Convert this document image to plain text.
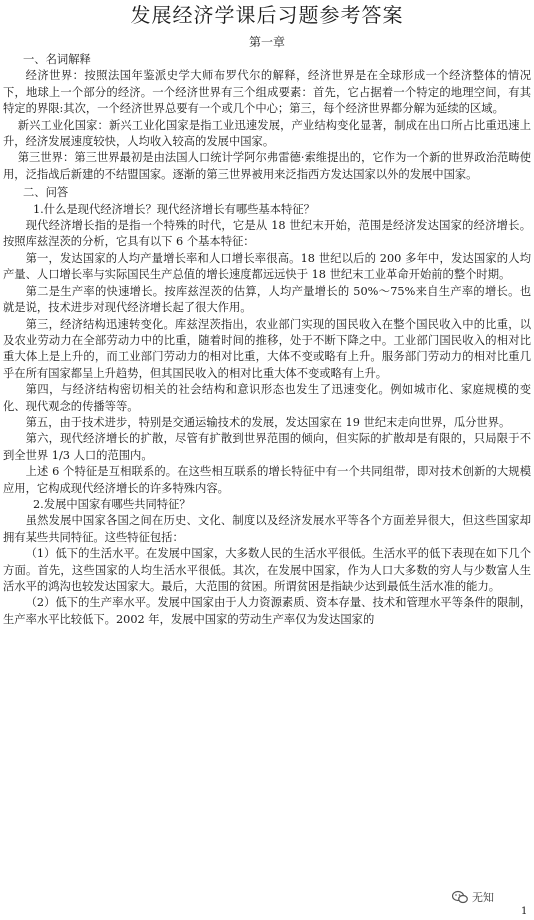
发展经济学课后习题参考答案
第一章

一、名词解释

经济世界：按照法国年鉴派史学大师布罗代尔的解释，经济世界是在全球形成一个经济整体的情况下，地球上一个部分的经济。一个经济世界有三个组成要素：首先，它占据着一个特定的地理空间，有其特定的界限:其次，一个经济世界总要有一个或几个中心；第三，每个经济世界都分解为延续的区域。

新兴工业化国家：新兴工业化国家是指工业迅速发展，产业结构变化显著，制成在出口所占比重迅速上升，经济发展速度较快，人均收入较高的发展中国家。

第三世界：第三世界最初是由法国人口统计学阿尔弗雷德·索维提出的，它作为一个新的世界政治范畴使用，泛指战后新建的不结盟国家。逐渐的第三世界被用来泛指西方发达国家以外的发展中国家。

二、问答

1.什么是现代经济增长？现代经济增长有哪些基本特征？

现代经济增长指的是指一个特殊的时代，它是从 18 世纪末开始，范围是经济发达国家的经济增长。按照库兹涅茨的分析，它具有以下 6 个基本特征：

第一，发达国家的人均产量增长率和人口增长率很高。18 世纪以后的 200 多年中，发达国家的人均产量、人口增长率与实际国民生产总值的增长速度都远远快于 18 世纪末工业革命开始前的整个时期。

第二是生产率的快速增长。按库兹涅茨的估算，人均产量增长的 50%～75%来自生产率的增长。也就是说，技术进步对现代经济增长起了很大作用。

第三，经济结构迅速转变化。库兹涅茨指出，农业部门实现的国民收入在整个国民收入中的比重，以及农业劳动力在全部劳动力中的比重，随着时间的推移，处于不断下降之中。工业部门国民收入的相对比重大体上是上升的，而工业部门劳动力的相对比重，大体不变或略有上升。服务部门劳动力的相对比重几乎在所有国家都呈上升趋势，但其国民收入的相对比重大体不变或略有上升。

第四，与经济结构密切相关的社会结构和意识形态也发生了迅速变化。例如城市化、家庭规模的变化、现代观念的传播等等。

第五，由于技术进步，特别是交通运输技术的发展，发达国家在 19 世纪末走向世界，瓜分世界。

第六，现代经济增长的扩散，尽管有扩散到世界范围的倾向，但实际的扩散却是有限的，只局限于不到全世界 1/3 人口的范围内。

上述 6 个特征是互相联系的。在这些相互联系的增长特征中有一个共同组带，即对技术创新的大规模应用，它构成现代经济增长的许多特殊内容。

2.发展中国家有哪些共同特征？

虽然发展中国家各国之间在历史、文化、制度以及经济发展水平等各个方面差异很大，但这些国家却拥有某些共同特征。这些特征包括：

（1）低下的生活水平。在发展中国家，大多数人民的生活水平很低。生活水平的低下表现在如下几个方面。首先，这些国家的人均生活水平很低。其次，在发展中国家，作为人口大多数的穷人与少数富人生活水平的鸿沟也较发达国家大。最后，大范围的贫困。所谓贫困是指缺少达到最低生活水准的能力。

（2）低下的生产率水平。发展中国家由于人力资源素质、资本存量、技术和管理水平等条件的限制，生产率水平比较低下。2002 年，发展中国家的劳动生产率仅为发达国家的

无知
1
